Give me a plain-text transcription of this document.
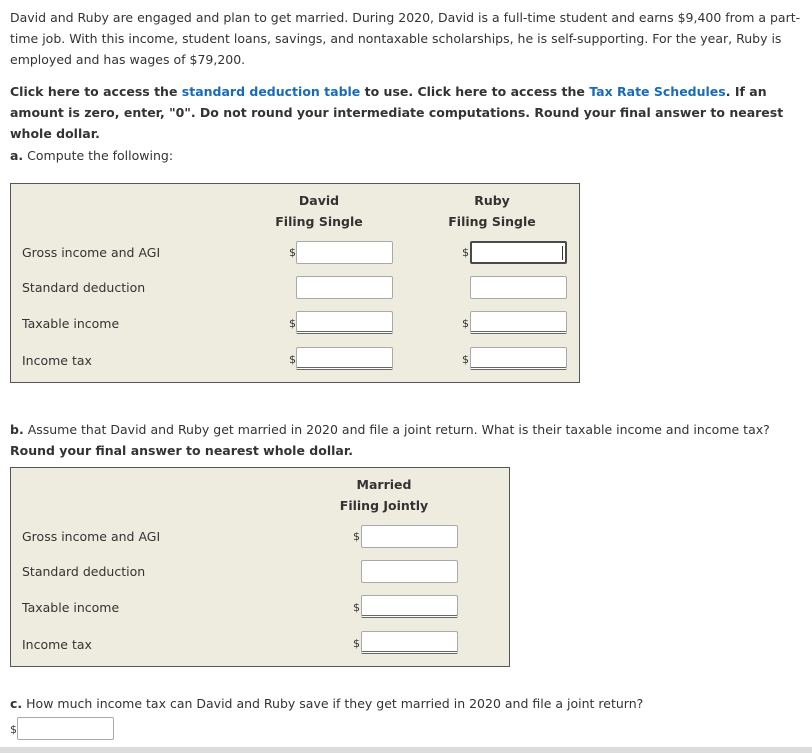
David and Ruby are engaged and plan to get married. During 2020, David is a full-time student and earns $9,400 from a part-time job. With this income, student loans, savings, and nontaxable scholarships, he is self-supporting. For the year, Ruby is employed and has wages of $79,200.

Click here to access the standard deduction table to use. Click here to access the Tax Rate Schedules. If an amount is zero, enter, "0". Do not round your intermediate computations. Round your final answer to nearest whole dollar.

a. Compute the following:
David
Filing Single
Ruby
Filing Single
Gross income and AGI	$	$
Standard deduction
Taxable income	$	$
Income tax	$	$
b. Assume that David and Ruby get married in 2020 and file a joint return. What is their taxable income and income tax? Round your final answer to nearest whole dollar.
Married
Filing Jointly
Gross income and AGI	$
Standard deduction
Taxable income	$
Income tax	$
c. How much income tax can David and Ruby save if they get married in 2020 and file a joint return?
$
